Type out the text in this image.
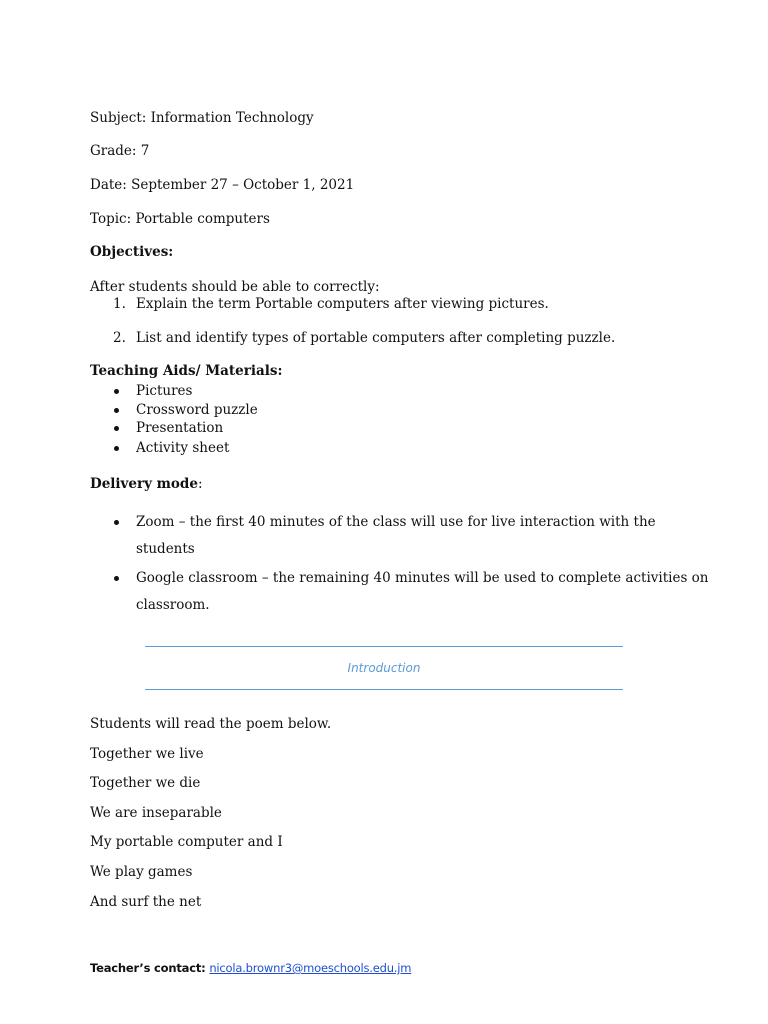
Subject: Information Technology
Grade: 7
Date: September 27 – October 1, 2021
Topic: Portable computers
Objectives:
After students should be able to correctly:
1. Explain the term Portable computers after viewing pictures.
2. List and identify types of portable computers after completing puzzle.
Teaching Aids/ Materials:
Pictures
Crossword puzzle
Presentation
Activity sheet
Delivery mode:
Zoom – the first 40 minutes of the class will use for live interaction with the
students
Google classroom – the remaining 40 minutes will be used to complete activities on
classroom.
Introduction
Students will read the poem below.
Together we live
Together we die
We are inseparable
My portable computer and I
We play games
And surf the net
Teacher’s contact: nicola.brownr3@moeschools.edu.jm
